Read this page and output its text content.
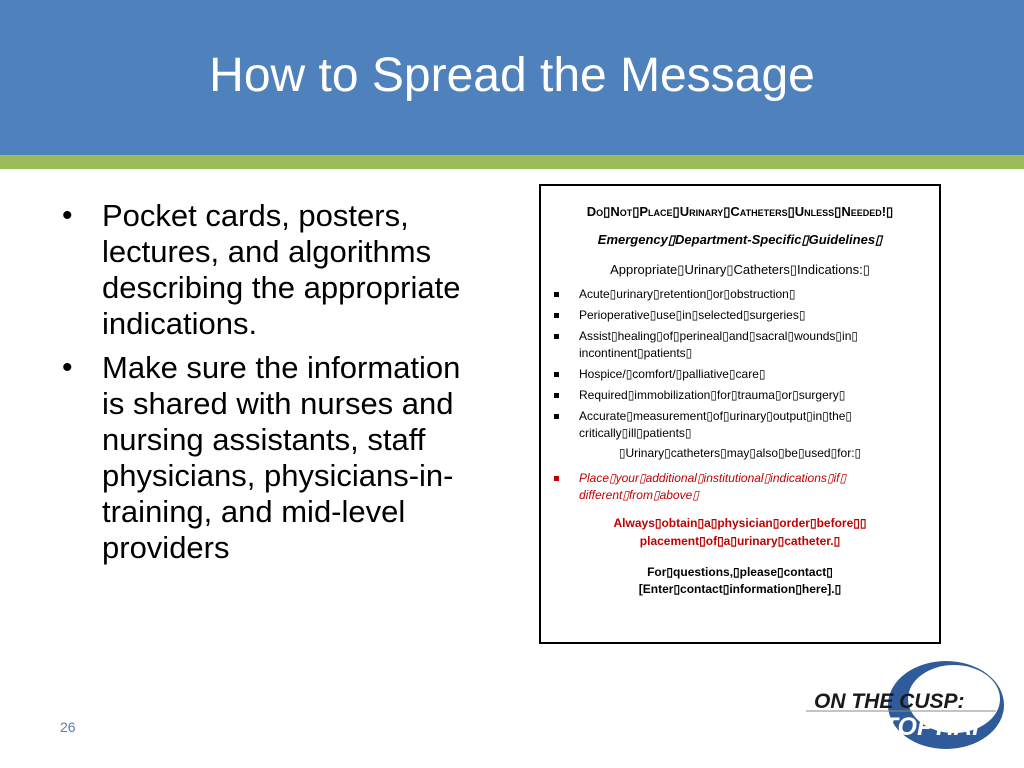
How to Spread the Message
• Pocket cards, posters, lectures, and algorithms describing the appropriate indications.
• Make sure the information is shared with nurses and nursing assistants, staff physicians, physicians-in-training, and mid-level providers
Do▯Not▯Place▯Urinary▯Catheters▯Unless▯Needed!▯
Emergency▯Department-Specific▯Guidelines▯
Appropriate▯Urinary▯Catheters▯Indications:▯
Acute▯urinary▯retention▯or▯obstruction▯
Perioperative▯use▯in▯selected▯surgeries▯
Assist▯healing▯of▯perineal▯and▯sacral▯wounds▯in▯ incontinent▯patients▯
Hospice/▯comfort/▯palliative▯care▯
Required▯immobilization▯for▯trauma▯or▯surgery▯
Accurate▯measurement▯of▯urinary▯output▯in▯the▯ critically▯ill▯patients▯
▯Urinary▯catheters▯may▯also▯be▯used▯for:▯
Place▯your▯additional▯institutional▯indications▯if▯ different▯from▯above▯
Always▯obtain▯a▯physician▯order▯before▯▯ placement▯of▯a▯urinary▯catheter.▯
For▯questions,▯please▯contact▯ [Enter▯contact▯information▯here].▯
26
ON THE CUSP:
STOP HAI
